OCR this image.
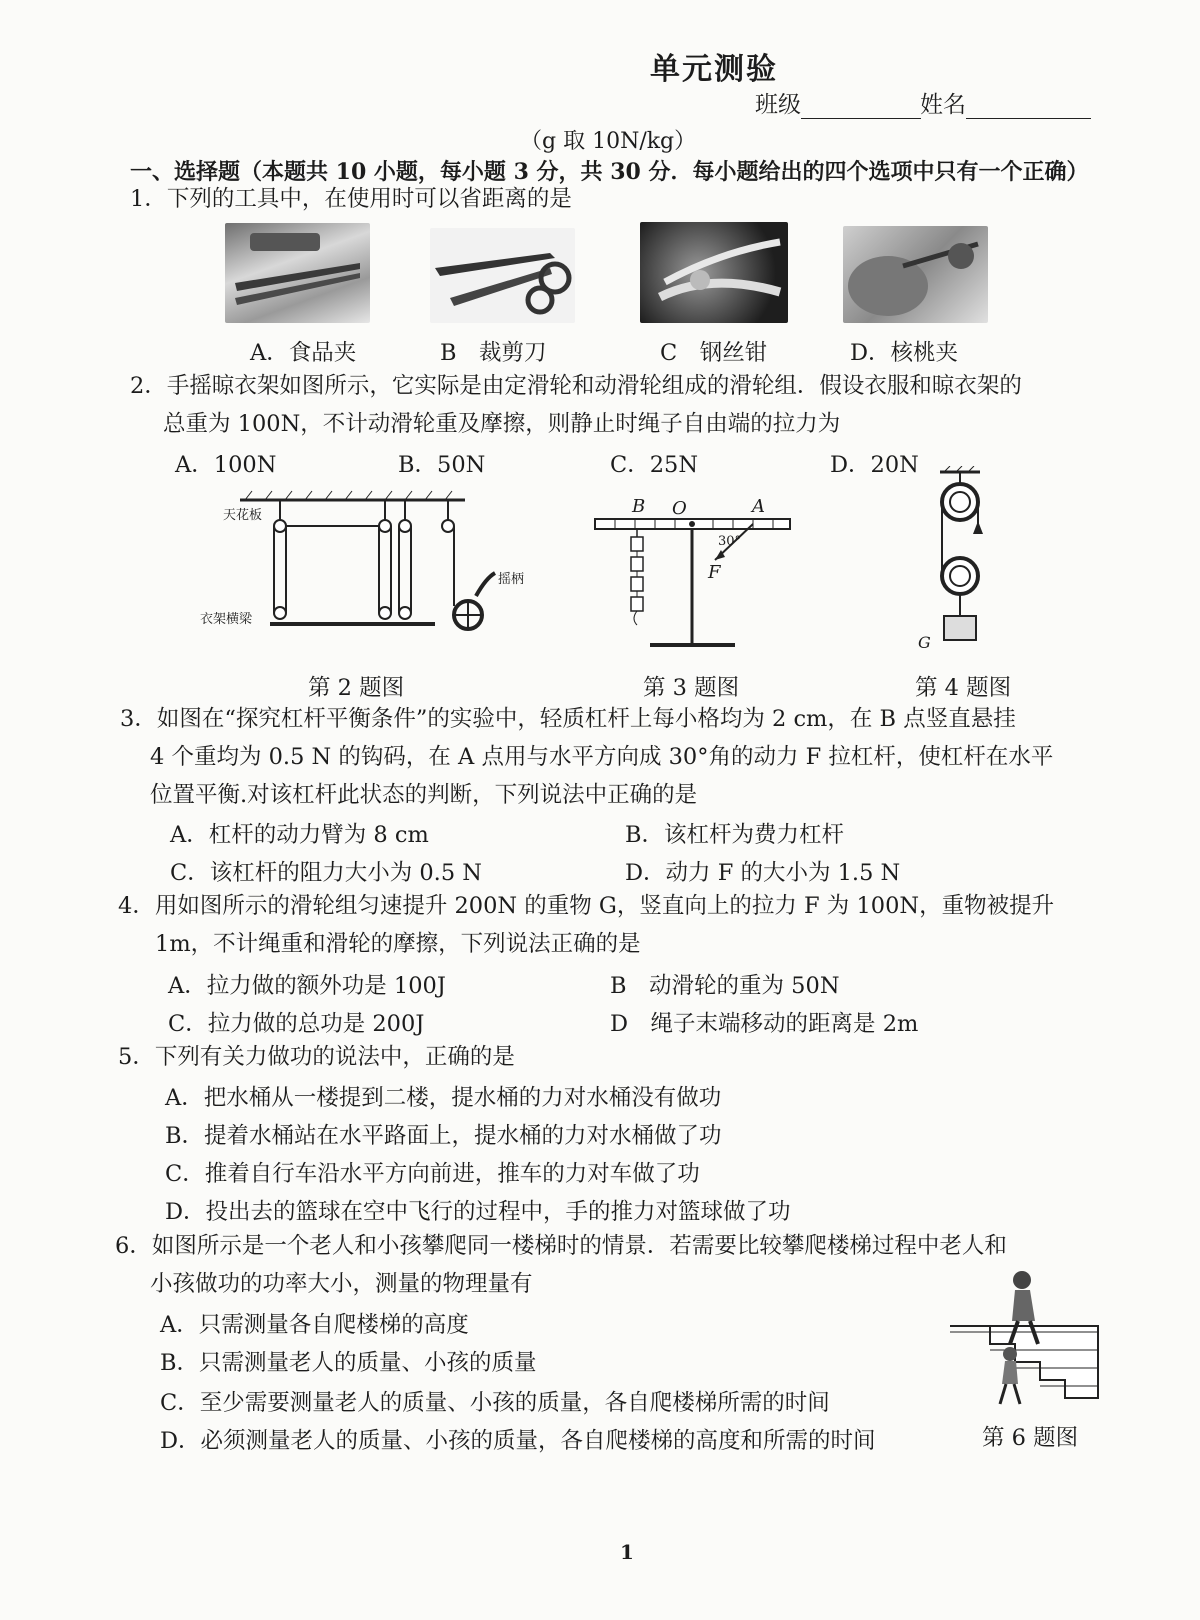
单元测验
班级	姓名
（g 取 10N/kg）
一、选择题（本题共 10 小题，每小题 3 分，共 30 分．每小题给出的四个选项中只有一个正确）
1．下列的工具中，在使用时可以省距离的是
A．食品夹	B　裁剪刀	C　钢丝钳	D．核桃夹
2．手摇晾衣架如图所示，它实际是由定滑轮和动滑轮组成的滑轮组．假设衣服和晾衣架的
总重为 100N，不计动滑轮重及摩擦，则静止时绳子自由端的拉力为
A．100N	B．50N	C．25N	D．20N
天花板
衣架横梁
摇柄
B O	A
30°
F
G
第 2 题图	第 3 题图	第 4 题图
3．如图在“探究杠杆平衡条件”的实验中，轻质杠杆上每小格均为 2 cm，在 B 点竖直悬挂
4 个重均为 0.5 N 的钩码，在 A 点用与水平方向成 30°角的动力 F 拉杠杆，使杠杆在水平
位置平衡.对该杠杆此状态的判断，下列说法中正确的是
A．杠杆的动力臂为 8 cm	B．该杠杆为费力杠杆
C．该杠杆的阻力大小为 0.5 N	D．动力 F 的大小为 1.5 N
4．用如图所示的滑轮组匀速提升 200N 的重物 G，竖直向上的拉力 F 为 100N，重物被提升
1m，不计绳重和滑轮的摩擦，下列说法正确的是
A．拉力做的额外功是 100J	B　动滑轮的重为 50N
C．拉力做的总功是 200J	D　绳子末端移动的距离是 2m
5．下列有关力做功的说法中，正确的是
A．把水桶从一楼提到二楼，提水桶的力对水桶没有做功
B．提着水桶站在水平路面上，提水桶的力对水桶做了功
C．推着自行车沿水平方向前进，推车的力对车做了功
D．投出去的篮球在空中飞行的过程中，手的推力对篮球做了功
6．如图所示是一个老人和小孩攀爬同一楼梯时的情景．若需要比较攀爬楼梯过程中老人和
小孩做功的功率大小，测量的物理量有
A．只需测量各自爬楼梯的高度
B．只需测量老人的质量、小孩的质量
C．至少需要测量老人的质量、小孩的质量，各自爬楼梯所需的时间
D．必须测量老人的质量、小孩的质量，各自爬楼梯的高度和所需的时间	第 6 题图
1
